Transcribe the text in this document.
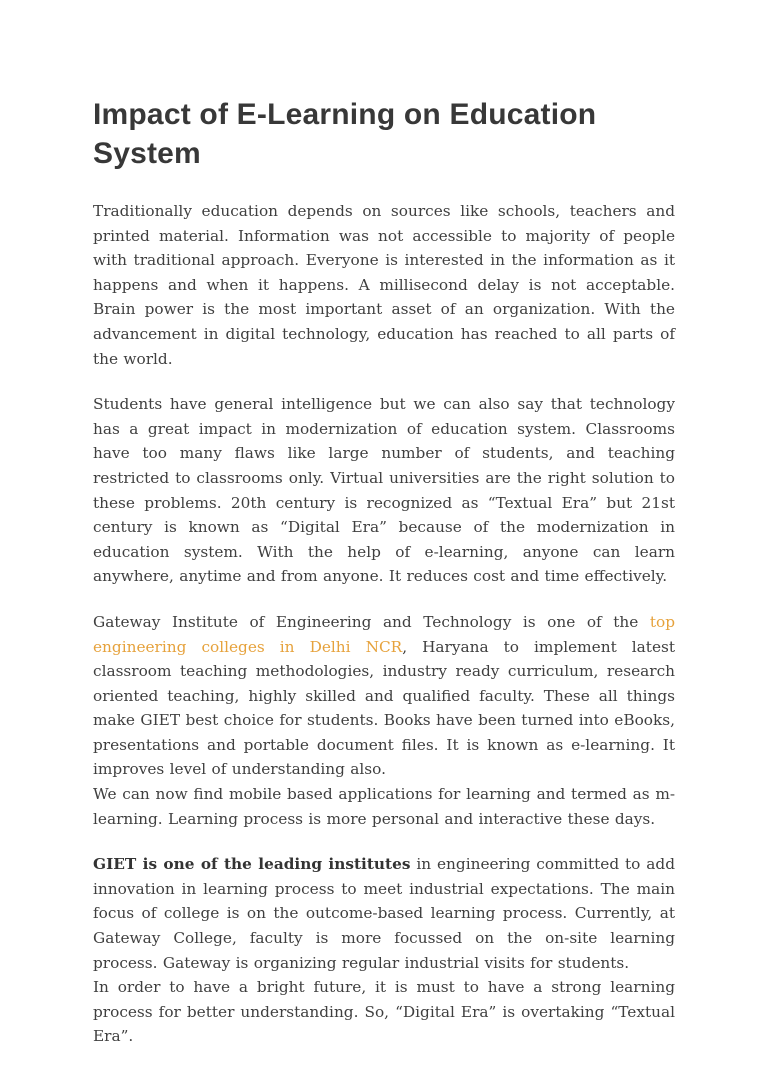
Impact of E-Learning on Education System

Traditionally education depends on sources like schools, teachers and printed material. Information was not accessible to majority of people with traditional approach. Everyone is interested in the information as it happens and when it happens. A millisecond delay is not acceptable. Brain power is the most important asset of an organization. With the advancement in digital technology, education has reached to all parts of the world.

Students have general intelligence but we can also say that technology has a great impact in modernization of education system. Classrooms have too many flaws like large number of students, and teaching restricted to classrooms only. Virtual universities are the right solution to these problems. 20th century is recognized as “Textual Era” but 21st century is known as “Digital Era” because of the modernization in education system. With the help of e-learning, anyone can learn anywhere, anytime and from anyone. It reduces cost and time effectively.

Gateway Institute of Engineering and Technology is one of the top engineering colleges in Delhi NCR, Haryana to implement latest classroom teaching methodologies, industry ready curriculum, research oriented teaching, highly skilled and qualified faculty. These all things make GIET best choice for students. Books have been turned into eBooks, presentations and portable document files. It is known as e-learning. It improves level of understanding also.
We can now find mobile based applications for learning and termed as m-learning. Learning process is more personal and interactive these days.

GIET is one of the leading institutes in engineering committed to add innovation in learning process to meet industrial expectations. The main focus of college is on the outcome-based learning process. Currently, at Gateway College, faculty is more focussed on the on-site learning process. Gateway is organizing regular industrial visits for students.
In order to have a bright future, it is must to have a strong learning process for better understanding. So, “Digital Era” is overtaking “Textual Era”.
